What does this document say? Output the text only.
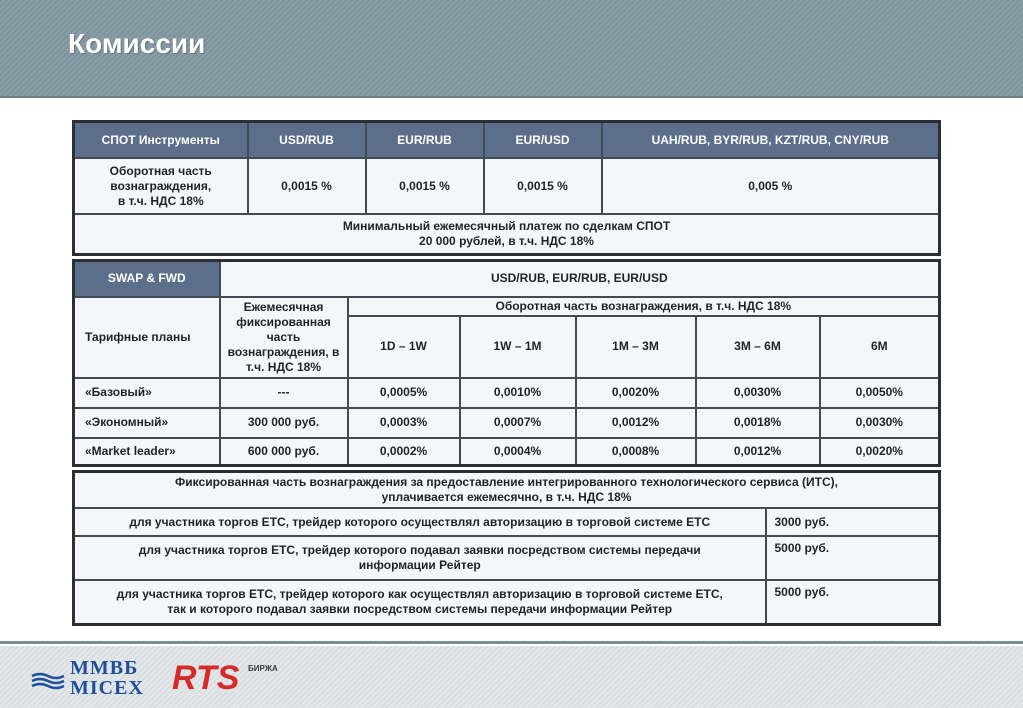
Комиссии
СПОТ Инструменты	USD/RUB	EUR/RUB	EUR/USD	UAH/RUB, BYR/RUB, KZT/RUB, CNY/RUB

Оборотная часть
вознаграждения,
в т.ч. НДС 18%	0,0015 %	0,0015 %	0,0015 %	0,005 %

Минимальный ежемесячный платеж по сделкам СПОТ
20 000 рублей, в т.ч. НДС 18%				
SWAP & FWD	USD/RUB, EUR/RUB, EUR/USD					
Тарифные планы	Ежемесячная
фиксированная
часть
вознаграждения, в
т.ч. НДС 18%	Оборотная часть вознаграждения, в т.ч. НДС 18%				
		1D – 1W	1W – 1M	1M – 3M	3M – 6M	6M
«Базовый»	---	0,0005%	0,0010%	0,0020%	0,0030%	0,0050%
«Экономный»	300 000 руб.	0,0003%	0,0007%	0,0012%	0,0018%	0,0030%
«Market leader»	600 000 руб.	0,0002%	0,0004%	0,0008%	0,0012%	0,0020%
Фиксированная часть вознаграждения за предоставление интегрированного технологического сервиса (ИТС),
уплачивается ежемесячно, в т.ч. НДС 18%	

для участника торгов ЕТС, трейдер которого осуществлял авторизацию в торговой системе ЕТС	3000 руб.

для участника торгов ЕТС, трейдер которого подавал заявки посредством системы передачи
информации Рейтер	5000 руб.

для участника торгов ЕТС, трейдер которого как осуществлял авторизацию в торговой системе ЕТС,
так и которого подавал заявки посредством системы передачи информации Рейтер	5000 руб.
ММВБ
MICEX RTS БИРЖА
